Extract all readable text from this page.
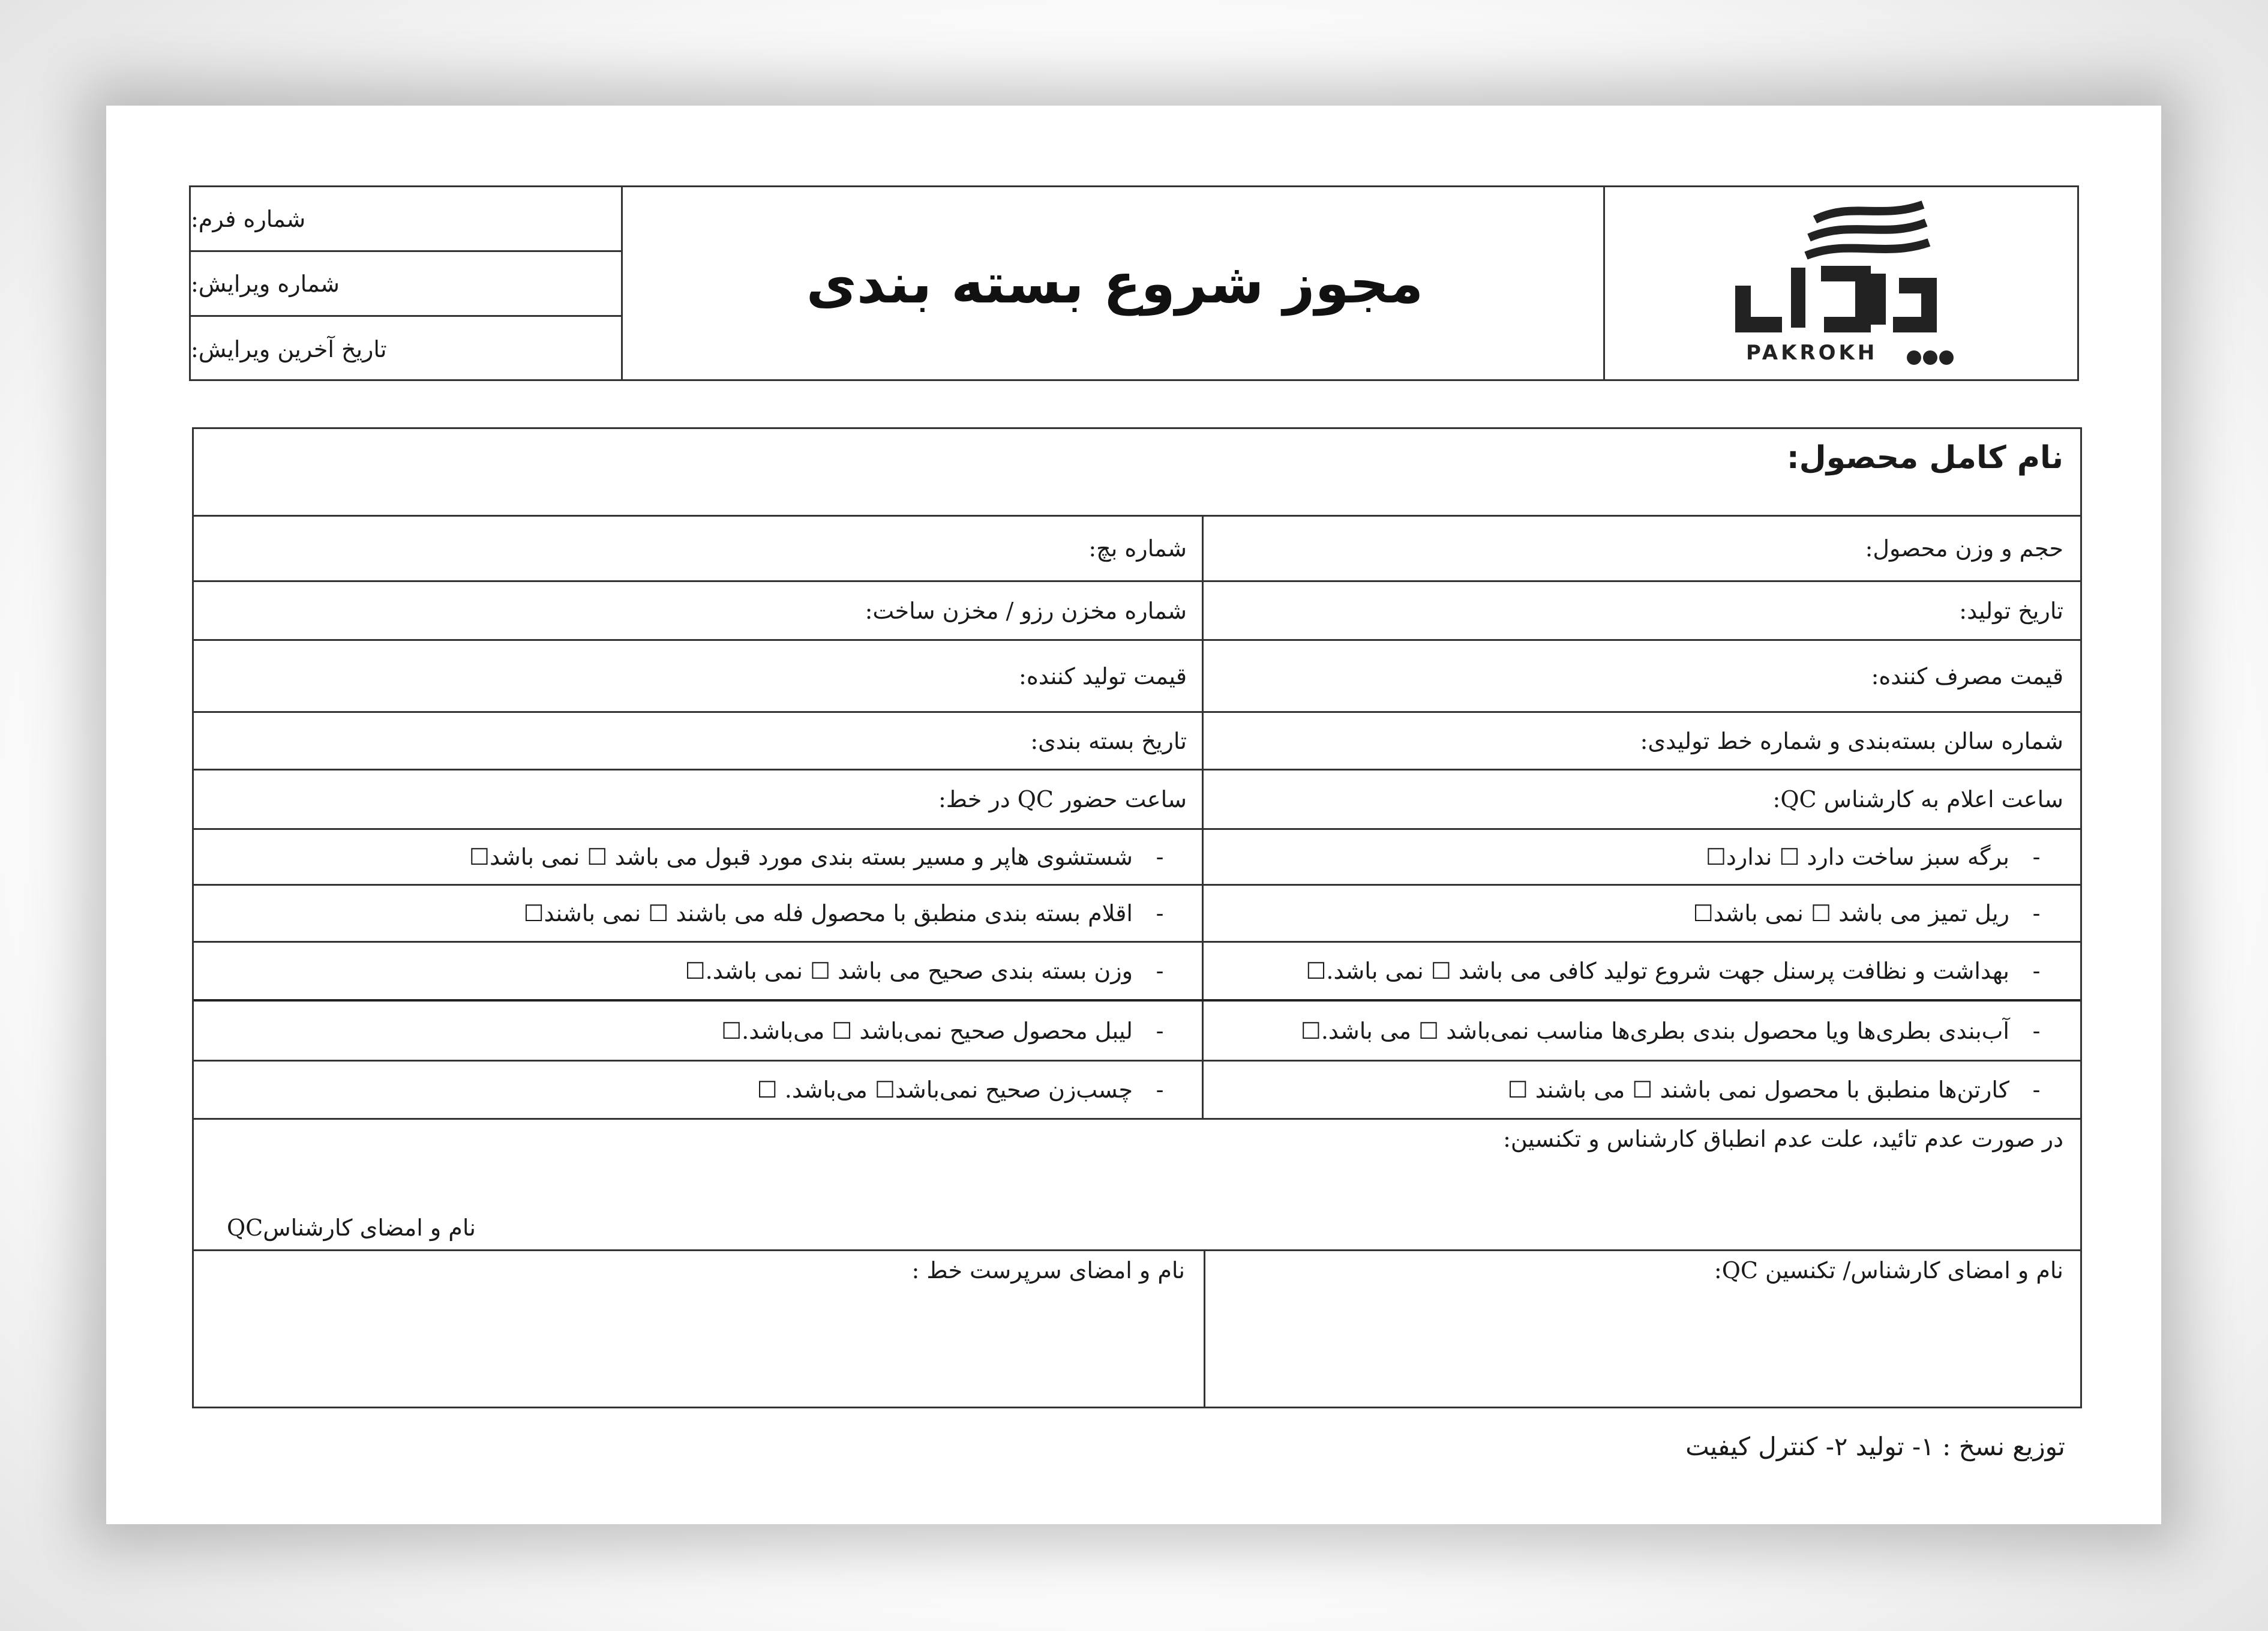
شماره فرم:
شماره ویرایش:
تاریخ آخرین ویرایش:
مجوز شروع بسته بندی
PAKROKH
نام کامل محصول:
حجم و وزن محصول:
شماره بچ:
تاریخ تولید:
شماره مخزن رزو / مخزن ساخت:
قیمت مصرف کننده:
قیمت تولید کننده:
شماره سالن بسته‌بندی و شماره خط تولیدی:
تاریخ بسته بندی:
ساعت اعلام به کارشناس QC:
ساعت حضور QC در خط:
-
برگه سبز ساخت دارد ☐ ندارد☐
-
شستشوی هاپر و مسیر بسته بندی مورد قبول می باشد ☐ نمی باشد☐
-
ریل تمیز می باشد ☐ نمی باشد☐
-
اقلام بسته بندی منطبق با محصول فله می باشند ☐ نمی باشند☐
-
بهداشت و نظافت پرسنل جهت شروع تولید کافی می باشد ☐ نمی باشد.☐
-
وزن بسته بندی صحیح می باشد ☐ نمی باشد.☐
-
آب‌بندی بطری‌ها ویا محصول بندی بطری‌ها مناسب نمی‌باشد ☐ می باشد.☐
-
لیبل محصول صحیح نمی‌باشد ☐ می‌باشد.☐
-
کارتن‌ها منطبق با محصول نمی باشند ☐ می باشند ☐
-
چسب‌زن صحیح نمی‌باشد☐ می‌باشد. ☐
در صورت عدم تائید، علت عدم انطباق کارشناس و تکنسین:
نام و امضای کارشناسQC
نام و امضای کارشناس/ تکنسین QC:
نام و امضای سرپرست خط :
توزیع نسخ : ۱- تولید ۲- کنترل کیفیت
